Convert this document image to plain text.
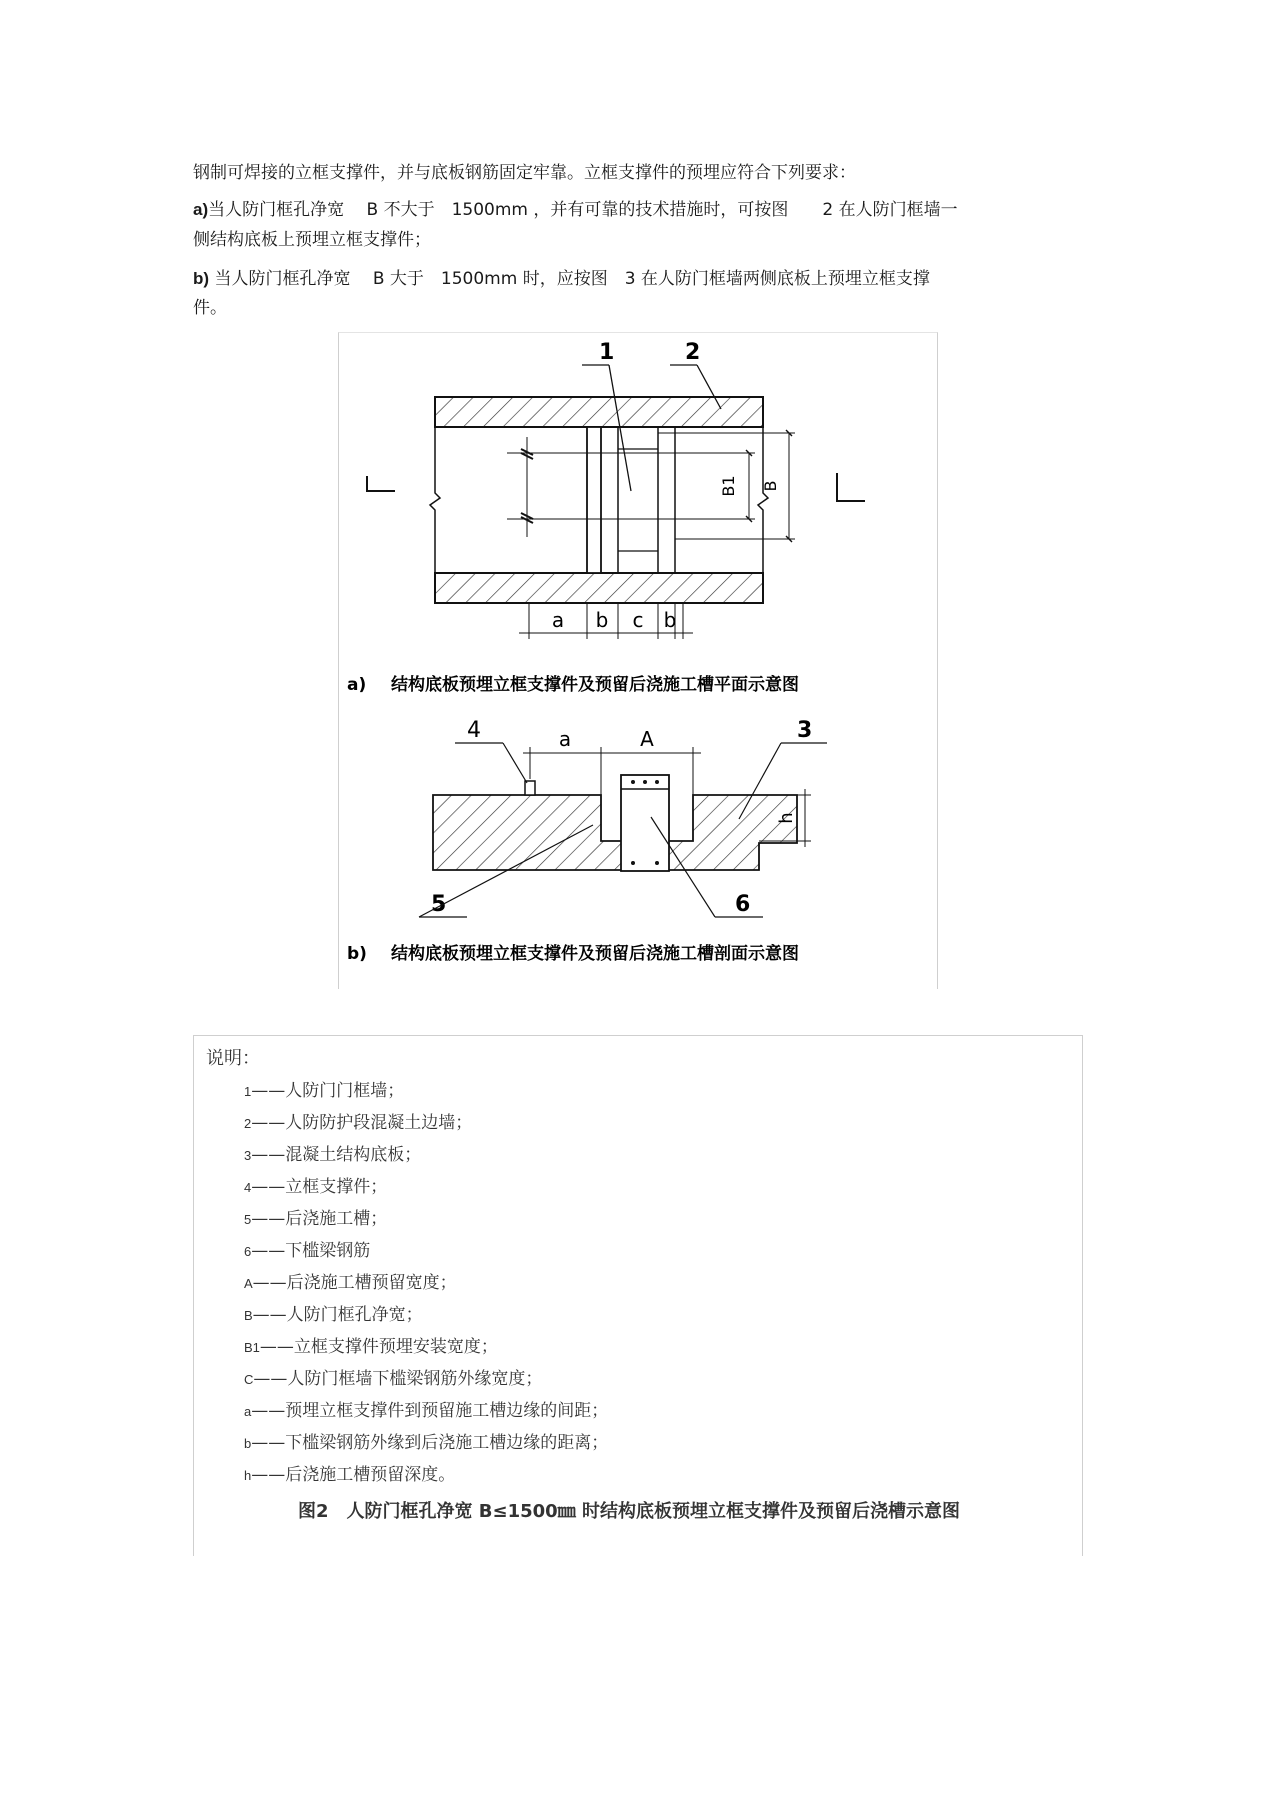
钢制可焊接的立框支撑件，并与底板钢筋固定牢靠。立框支撑件的预埋应符合下列要求：
a)当人防门框孔净宽　 B 不大于　1500mm ，并有可靠的技术措施时，可按图　　2 在人防门框墙一
侧结构底板上预埋立框支撑件；
b) 当人防门框孔净宽　 B 大于　1500mm 时，应按图　3 在人防门框墙两侧底板上预埋立框支撑
件。
B1 B
1	2
a b c b
a) 结构底板预埋立框支撑件及预留后浇施工槽平面示意图
a	A
h
4	3
5	6
b) 结构底板预埋立框支撑件及预留后浇施工槽剖面示意图
说明：
1——人防门门框墙；
2——人防防护段混凝土边墙；
3——混凝土结构底板；
4——立框支撑件；
5——后浇施工槽；
6——下槛梁钢筋
A——后浇施工槽预留宽度；
B——人防门框孔净宽；
B1——立框支撑件预埋安装宽度；
C——人防门框墙下槛梁钢筋外缘宽度；
a——预埋立框支撑件到预留施工槽边缘的间距；
b——下槛梁钢筋外缘到后浇施工槽边缘的距离；
h——后浇施工槽预留深度。
图2　人防门框孔净宽 B≤1500㎜ 时结构底板预埋立框支撑件及预留后浇槽示意图
